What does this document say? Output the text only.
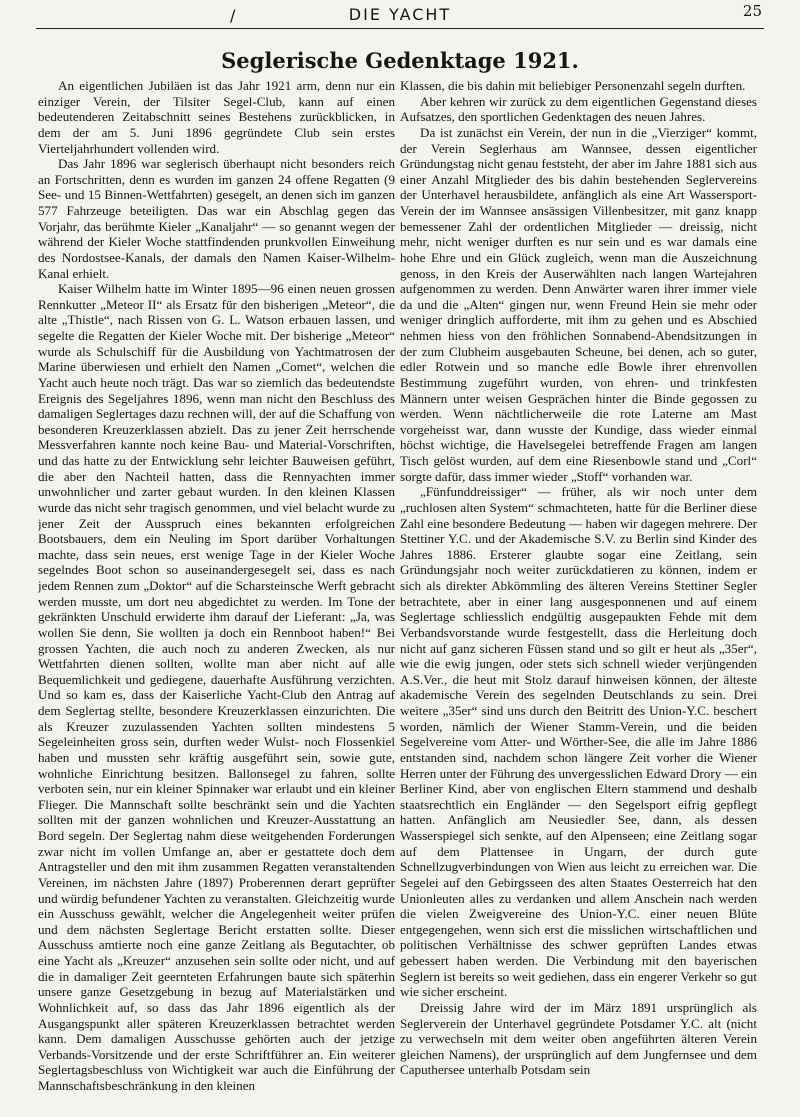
/	DIE YACHT	25
Seglerische Gedenktage 1921.

An eigentlichen Jubiläen ist das Jahr 1921 arm, denn nur ein einziger Verein, der Tilsiter Segel-Club, kann auf einen bedeutenderen Zeitabschnitt seines Bestehens zurückblicken, in dem der am 5. Juni 1896 gegründete Club sein erstes Vierteljahrhundert vollenden wird.

Das Jahr 1896 war seglerisch überhaupt nicht besonders reich an Fortschritten, denn es wurden im ganzen 24 offene Regatten (9 See- und 15 Binnen-Wettfahrten) gesegelt, an denen sich im ganzen 577 Fahrzeuge beteiligten. Das war ein Abschlag gegen das Vorjahr, das berühmte Kieler „Kanaljahr“ — so genannt wegen der während der Kieler Woche stattfindenden prunkvollen Einweihung des Nordostsee-Kanals, der damals den Namen Kaiser-Wilhelm-Kanal erhielt.

Kaiser Wilhelm hatte im Winter 1895—96 einen neuen grossen Rennkutter „Meteor II“ als Ersatz für den bisherigen „Meteor“, die alte „Thistle“, nach Rissen von G. L. Watson erbauen lassen, und segelte die Regatten der Kieler Woche mit. Der bisherige „Meteor“ wurde als Schulschiff für die Ausbildung von Yachtmatrosen der Marine überwiesen und erhielt den Namen „Comet“, welchen die Yacht auch heute noch trägt. Das war so ziemlich das bedeutendste Ereignis des Segeljahres 1896, wenn man nicht den Beschluss des damaligen Seglertages dazu rechnen will, der auf die Schaffung von besonderen Kreuzerklassen abzielt. Das zu jener Zeit herrschende Messverfahren kannte noch keine Bau- und Material-Vorschriften, und das hatte zu der Entwicklung sehr leichter Bauweisen geführt, die aber den Nachteil hatten, dass die Rennyachten immer unwohnlicher und zarter gebaut wurden. In den kleinen Klassen wurde das nicht sehr tragisch genommen, und viel belacht wurde zu jener Zeit der Ausspruch eines bekannten erfolgreichen Bootsbauers, dem ein Neuling im Sport darüber Vorhaltungen machte, dass sein neues, erst wenige Tage in der Kieler Woche segelndes Boot schon so auseinandergesegelt sei, dass es nach jedem Rennen zum „Doktor“ auf die Scharsteinsche Werft gebracht werden musste, um dort neu abgedichtet zu werden. Im Tone der gekränkten Unschuld erwiderte ihm darauf der Lieferant: „Ja, was wollen Sie denn, Sie wollten ja doch ein Rennboot haben!“ Bei grossen Yachten, die auch noch zu anderen Zwecken, als nur Wettfahrten dienen sollten, wollte man aber nicht auf alle Bequemlichkeit und gediegene, dauerhafte Ausführung verzichten. Und so kam es, dass der Kaiserliche Yacht-Club den Antrag auf dem Seglertag stellte, besondere Kreuzerklassen einzurichten. Die als Kreuzer zuzulassenden Yachten sollten mindestens 5 Segeleinheiten gross sein, durften weder Wulst- noch Flossenkiel haben und mussten sehr kräftig ausgeführt sein, sowie gute, wohnliche Einrichtung besitzen. Ballonsegel zu fahren, sollte verboten sein, nur ein kleiner Spinnaker war erlaubt und ein kleiner Flieger. Die Mannschaft sollte beschränkt sein und die Yachten sollten mit der ganzen wohnlichen und Kreuzer-Ausstattung an Bord segeln. Der Seglertag nahm diese weitgehenden Forderungen zwar nicht im vollen Umfange an, aber er gestattete doch dem Antragsteller und den mit ihm zusammen Regatten veranstaltenden Vereinen, im nächsten Jahre (1897) Proberennen derart geprüfter und würdig befundener Yachten zu veranstalten. Gleichzeitig wurde ein Ausschuss gewählt, welcher die Angelegenheit weiter prüfen und dem nächsten Seglertage Bericht erstatten sollte. Dieser Ausschuss amtierte noch eine ganze Zeitlang als Begutachter, ob eine Yacht als „Kreuzer“ anzusehen sein sollte oder nicht, und auf die in damaliger Zeit geernteten Erfahrungen baute sich späterhin unsere ganze Gesetzgebung in bezug auf Materialstärken und Wohnlichkeit auf, so dass das Jahr 1896 eigentlich als der Ausgangspunkt aller späteren Kreuzerklassen betrachtet werden kann. Dem damaligen Ausschusse gehörten auch der jetzige Verbands-Vorsitzende und der erste Schriftführer an. Ein weiterer Seglertagsbeschluss von Wichtigkeit war auch die Einführung der Mannschaftsbeschränkung in den kleinen

Klassen, die bis dahin mit beliebiger Personenzahl segeln durften.

Aber kehren wir zurück zu dem eigentlichen Gegenstand dieses Aufsatzes, den sportlichen Gedenktagen des neuen Jahres.

Da ist zunächst ein Verein, der nun in die „Vierziger“ kommt, der Verein Seglerhaus am Wannsee, dessen eigentlicher Gründungstag nicht genau feststeht, der aber im Jahre 1881 sich aus einer Anzahl Mitglieder des bis dahin bestehenden Seglervereins der Unterhavel herausbildete, anfänglich als eine Art Wassersport-Verein der im Wannsee ansässigen Villenbesitzer, mit ganz knapp bemessener Zahl der ordentlichen Mitglieder — dreissig, nicht mehr, nicht weniger durften es nur sein und es war damals eine hohe Ehre und ein Glück zugleich, wenn man die Auszeichnung genoss, in den Kreis der Auserwählten nach langen Wartejahren aufgenommen zu werden. Denn Anwärter waren ihrer immer viele da und die „Alten“ gingen nur, wenn Freund Hein sie mehr oder weniger dringlich aufforderte, mit ihm zu gehen und es Abschied nehmen hiess von den fröhlichen Sonnabend-Abendsitzungen in der zum Clubheim ausgebauten Scheune, bei denen, ach so guter, edler Rotwein und so manche edle Bowle ihrer ehrenvollen Bestimmung zugeführt wurden, von ehren- und trinkfesten Männern unter weisen Gesprächen hinter die Binde gegossen zu werden. Wenn nächtlicherweile die rote Laterne am Mast vorgeheisst war, dann wusste der Kundige, dass wieder einmal höchst wichtige, die Havelsegelei betreffende Fragen am langen Tisch gelöst wurden, auf dem eine Riesenbowle stand und „Corl“ sorgte dafür, dass immer wieder „Stoff“ vorhanden war.

„Fünfunddreissiger“ — früher, als wir noch unter dem „ruchlosen alten System“ schmachteten, hatte für die Berliner diese Zahl eine besondere Bedeutung — haben wir dagegen mehrere. Der Stettiner Y.C. und der Akademische S.V. zu Berlin sind Kinder des Jahres 1886. Ersterer glaubte sogar eine Zeitlang, sein Gründungsjahr noch weiter zurückdatieren zu können, indem er sich als direkter Abkömmling des älteren Vereins Stettiner Segler betrachtete, aber in einer lang ausgesponnenen und auf einem Seglertage schliesslich endgültig ausgepaukten Fehde mit dem Verbandsvorstande wurde festgestellt, dass die Herleitung doch nicht auf ganz sicheren Füssen stand und so gilt er heut als „35er“, wie die ewig jungen, oder stets sich schnell wieder verjüngenden A.S.Ver., die heut mit Stolz darauf hinweisen können, der älteste akademische Verein des segelnden Deutschlands zu sein. Drei weitere „35er“ sind uns durch den Beitritt des Union-Y.C. beschert worden, nämlich der Wiener Stamm-Verein, und die beiden Segelvereine vom Atter- und Wörther-See, die alle im Jahre 1886 entstanden sind, nachdem schon längere Zeit vorher die Wiener Herren unter der Führung des unvergesslichen Edward Drory — ein Berliner Kind, aber von englischen Eltern stammend und deshalb staatsrechtlich ein Engländer — den Segelsport eifrig gepflegt hatten. Anfänglich am Neusiedler See, dann, als dessen Wasserspiegel sich senkte, auf den Alpenseen; eine Zeitlang sogar auf dem Plattensee in Ungarn, der durch gute Schnellzugverbindungen von Wien aus leicht zu erreichen war. Die Segelei auf den Gebirgsseen des alten Staates Oesterreich hat den Unionleuten alles zu verdanken und allem Anschein nach werden die vielen Zweigvereine des Union-Y.C. einer neuen Blüte entgegengehen, wenn sich erst die misslichen wirtschaftlichen und politischen Verhältnisse des schwer geprüften Landes etwas gebessert haben werden. Die Verbindung mit den bayerischen Seglern ist bereits so weit gediehen, dass ein engerer Verkehr so gut wie sicher erscheint.

Dreissig Jahre wird der im März 1891 ursprünglich als Seglerverein der Unterhavel gegründete Potsdamer Y.C. alt (nicht zu verwechseln mit dem weiter oben angeführten älteren Verein gleichen Namens), der ursprünglich auf dem Jungfernsee und dem Caputhersee unterhalb Potsdam sein
